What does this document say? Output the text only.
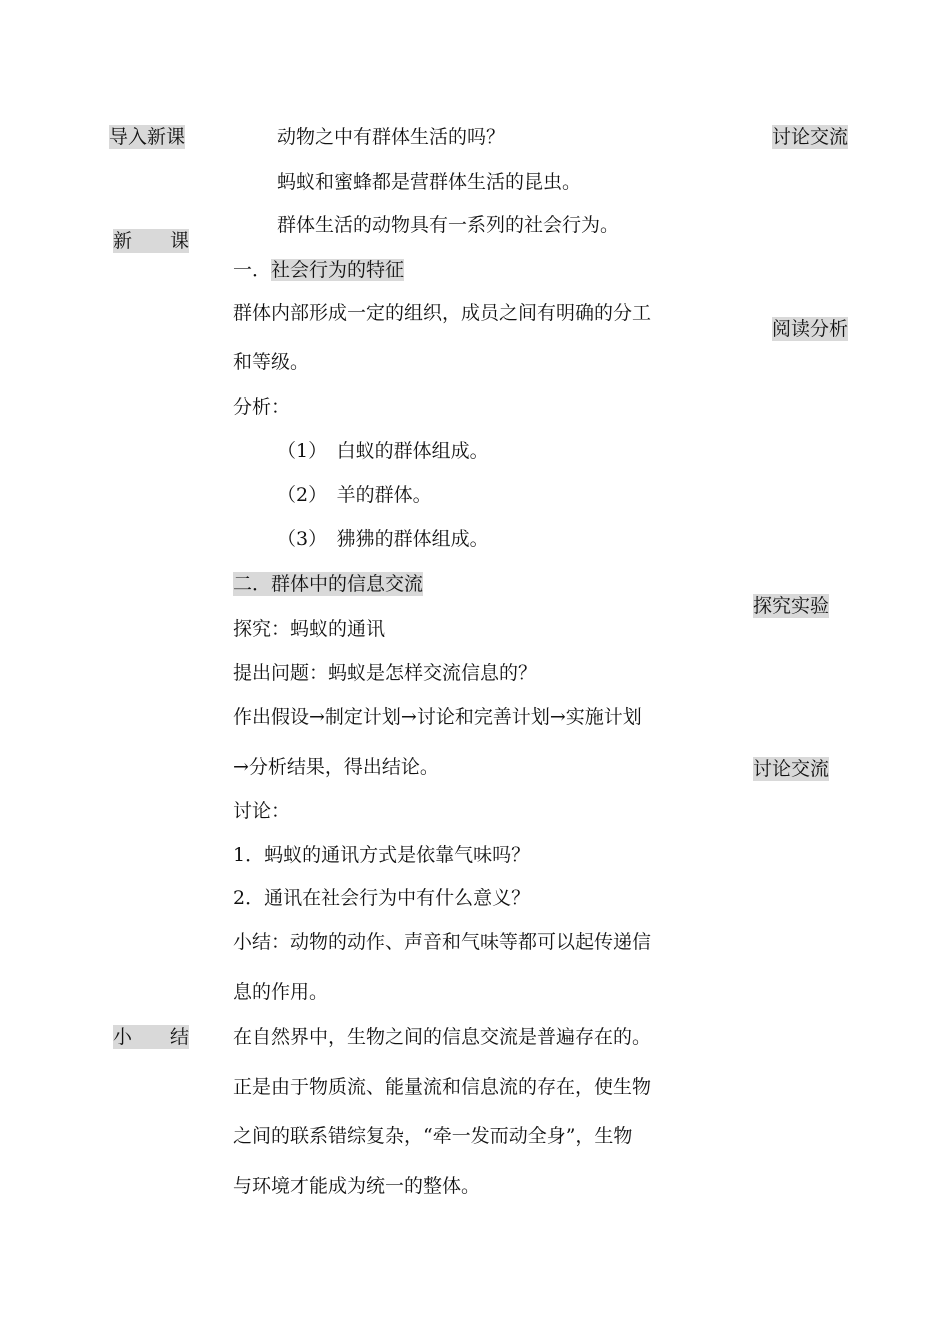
导入新课
新　　课
小　　结
讨论交流
阅读分析
探究实验
讨论交流
动物之中有群体生活的吗？
蚂蚁和蜜蜂都是营群体生活的昆虫。
群体生活的动物具有一系列的社会行为。
一．社会行为的特征
群体内部形成一定的组织，成员之间有明确的分工
和等级。
分析：
（1）　白蚁的群体组成。
（2）　羊的群体。
（3）　狒狒的群体组成。
二．群体中的信息交流
探究：蚂蚁的通讯
提出问题：蚂蚁是怎样交流信息的？
作出假设→制定计划→讨论和完善计划→实施计划
→分析结果，得出结论。
讨论：
1．蚂蚁的通讯方式是依靠气味吗？
2．通讯在社会行为中有什么意义？
小结：动物的动作、声音和气味等都可以起传递信
息的作用。
在自然界中，生物之间的信息交流是普遍存在的。
正是由于物质流、能量流和信息流的存在，使生物
之间的联系错综复杂，“牵一发而动全身”，生物
与环境才能成为统一的整体。
